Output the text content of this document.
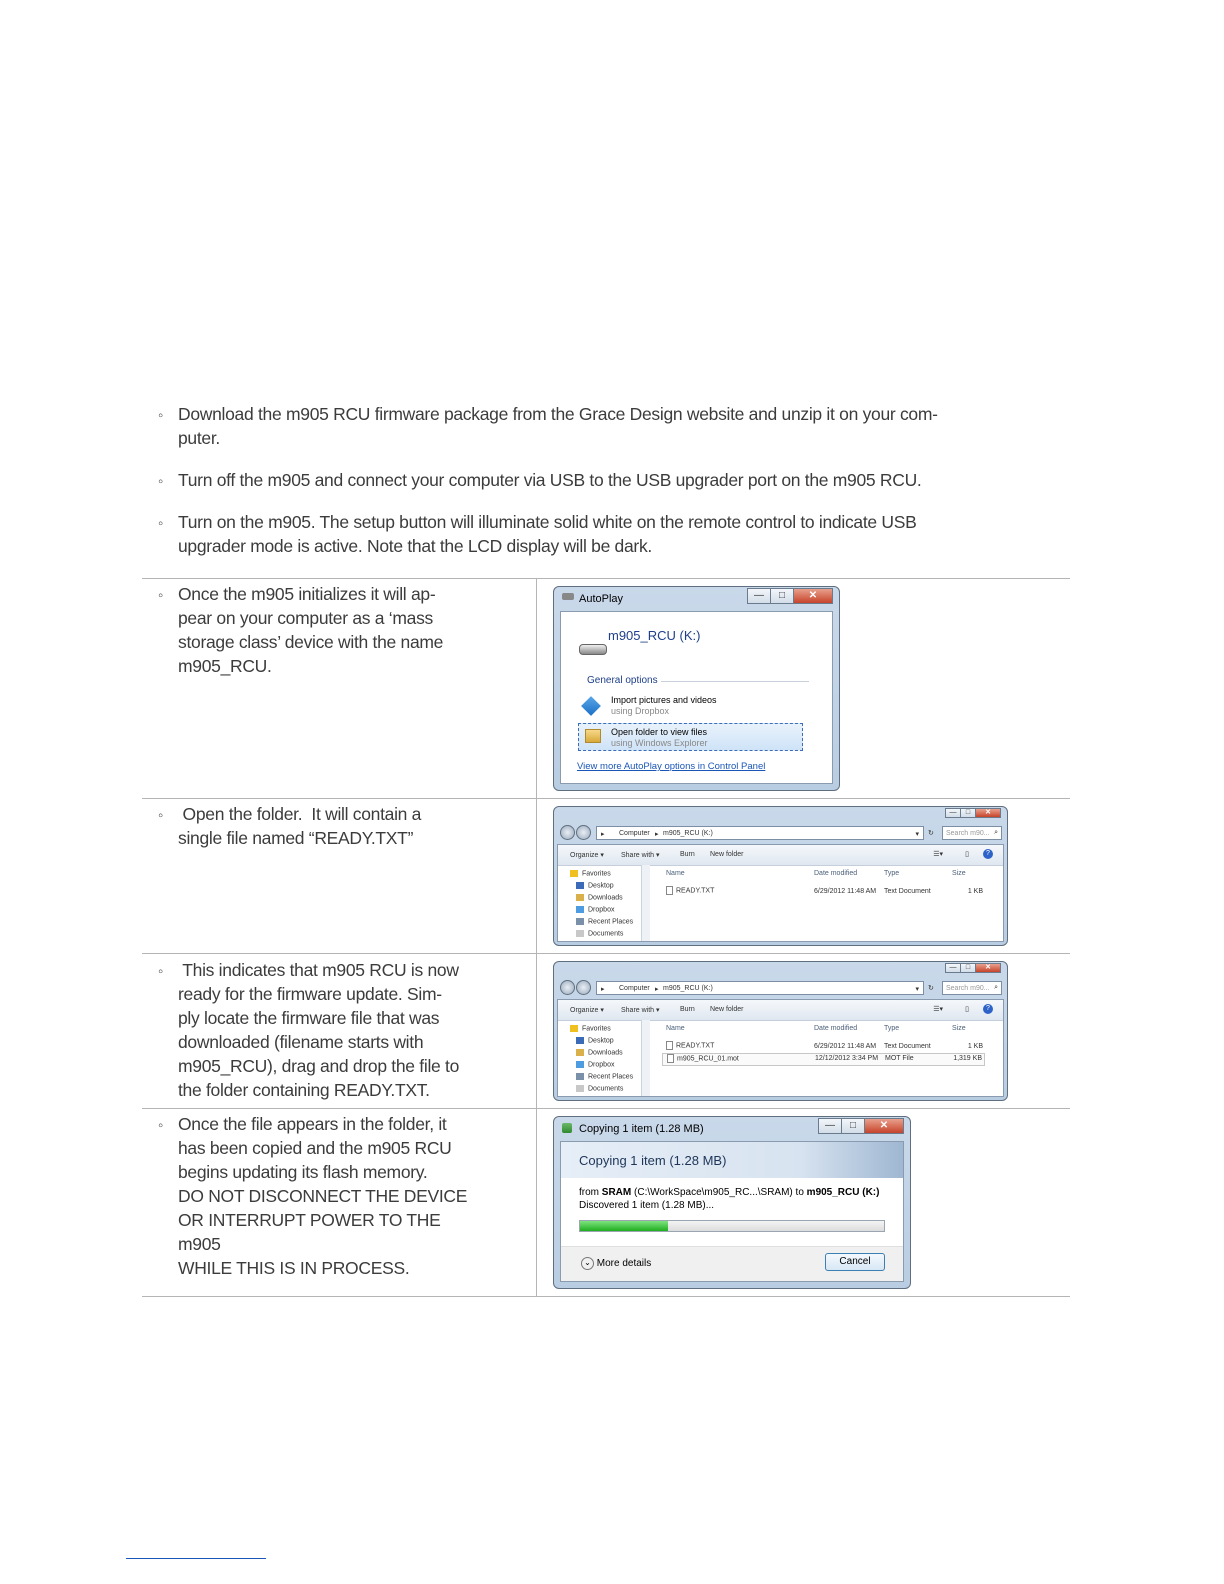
◦ Download the m905 RCU firmware package from the Grace Design website and unzip it on your com-
puter.
◦ Turn off the m905 and connect your computer via USB to the USB upgrader port on the m905 RCU.
◦ Turn on the m905. The setup button will illuminate solid white on the remote control to indicate USB
upgrader mode is active. Note that the LCD display will be dark.
◦ Once the m905 initializes it will ap-
pear on your computer as a ‘mass
storage class’ device with the name
m905_RCU.
◦ Open the folder.  It will contain a
single file named “READY.TXT”
◦ This indicates that m905 RCU is now
ready for the firmware update. Sim-
ply locate the firmware file that was
downloaded (filename starts with
m905_RCU), drag and drop the file to
the folder containing READY.TXT.
◦ Once the file appears in the folder, it
has been copied and the m905 RCU
begins updating its flash memory.
DO NOT DISCONNECT THE DEVICE
OR INTERRUPT POWER TO THE m905
WHILE THIS IS IN PROCESS.
AutoPlay	—	□	✕
m905_RCU (K:)
General options
Import pictures and videos
using Dropbox
Open folder to view files
using Windows Explorer
View more AutoPlay options in Control Panel
—	□	✕
▸ Computer ▸ m905_RCU (K:)	▾ ↻ Search m90... ⌕
Organize ▾ Share with ▾	Burn New folder	☰▾	▯	?
Favorites
Desktop
Downloads
Dropbox
Recent Places
Documents
Name	Date modified	Type	Size
READY.TXT	6/29/2012 11:48 AM Text Document	1 KB
—	□	✕
▸ Computer ▸ m905_RCU (K:)	▾ ↻ Search m90... ⌕
Organize ▾ Share with ▾	Burn New folder	☰▾	▯	?
Favorites
Desktop
Downloads
Dropbox
Recent Places
Documents
Name	Date modified	Type	Size
READY.TXT	6/29/2012 11:48 AM Text Document	1 KB
m905_RCU_01.mot	12/12/2012 3:34 PM MOT File	1,319 KB
Copying 1 item (1.28 MB)	—	□	✕
Copying 1 item (1.28 MB)
from SRAM (C:\WorkSpace\m905_RC...\SRAM) to m905_RCU (K:)
Discovered 1 item (1.28 MB)...
⌄ More details	Cancel
